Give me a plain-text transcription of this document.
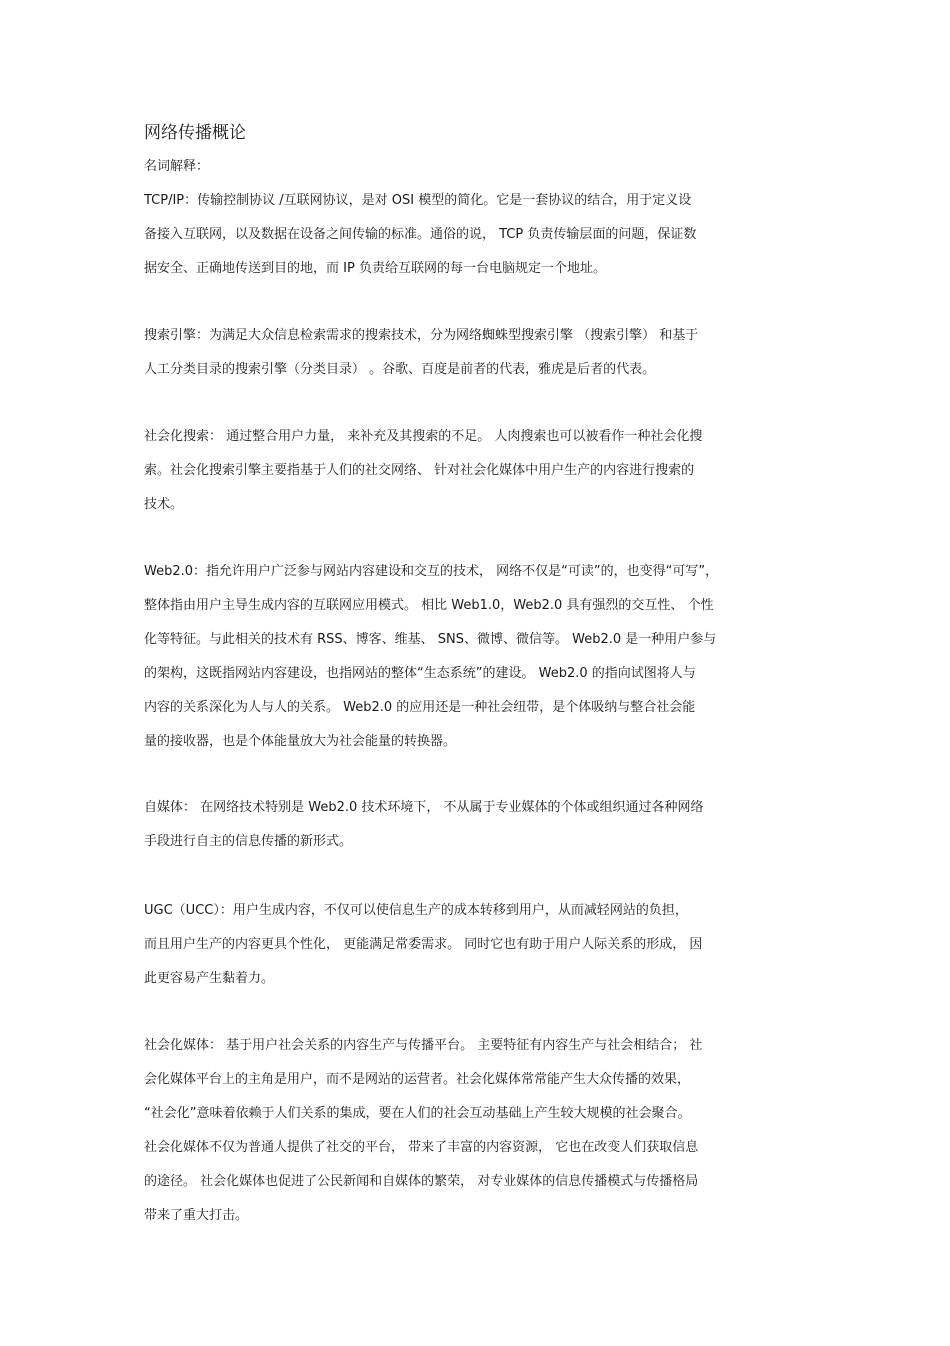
网络传播概论
名词解释：
TCP/IP：传输控制协议 /互联网协议，是对 OSI 模型的简化。它是一套协议的结合，用于定义设
备接入互联网，以及数据在设备之间传输的标准。通俗的说， TCP 负责传输层面的问题，保证数
据安全、正确地传送到目的地，而 IP 负责给互联网的每一台电脑规定一个地址。
搜索引擎：为满足大众信息检索需求的搜索技术，分为网络蜘蛛型搜索引擎 （搜索引擎） 和基于
人工分类目录的搜索引擎（分类目录） 。谷歌、百度是前者的代表，雅虎是后者的代表。
社会化搜索： 通过整合用户力量， 来补充及其搜索的不足。 人肉搜索也可以被看作一种社会化搜
索。社会化搜索引擎主要指基于人们的社交网络、 针对社会化媒体中用户生产的内容进行搜索的
技术。
Web2.0：指允许用户广泛参与网站内容建设和交互的技术， 网络不仅是“可读”的，也变得“可写”，
整体指由用户主导生成内容的互联网应用模式。 相比 Web1.0，Web2.0 具有强烈的交互性、 个性
化等特征。与此相关的技术有 RSS、博客、维基、 SNS、微博、微信等。 Web2.0 是一种用户参与
的架构，这既指网站内容建设，也指网站的整体“生态系统”的建设。 Web2.0 的指向试图将人与
内容的关系深化为人与人的关系。 Web2.0 的应用还是一种社会纽带，是个体吸纳与整合社会能
量的接收器，也是个体能量放大为社会能量的转换器。
自媒体： 在网络技术特别是 Web2.0 技术环境下， 不从属于专业媒体的个体或组织通过各种网络
手段进行自主的信息传播的新形式。
UGC（UCC）：用户生成内容，不仅可以使信息生产的成本转移到用户，从而减轻网站的负担，
而且用户生产的内容更具个性化， 更能满足常委需求。 同时它也有助于用户人际关系的形成， 因
此更容易产生黏着力。
社会化媒体： 基于用户社会关系的内容生产与传播平台。 主要特征有内容生产与社会相结合； 社
会化媒体平台上的主角是用户，而不是网站的运营者。社会化媒体常常能产生大众传播的效果，
“社会化”意味着依赖于人们关系的集成，要在人们的社会互动基础上产生较大规模的社会聚合。
社会化媒体不仅为普通人提供了社交的平台， 带来了丰富的内容资源， 它也在改变人们获取信息
的途径。 社会化媒体也促进了公民新闻和自媒体的繁荣， 对专业媒体的信息传播模式与传播格局
带来了重大打击。
